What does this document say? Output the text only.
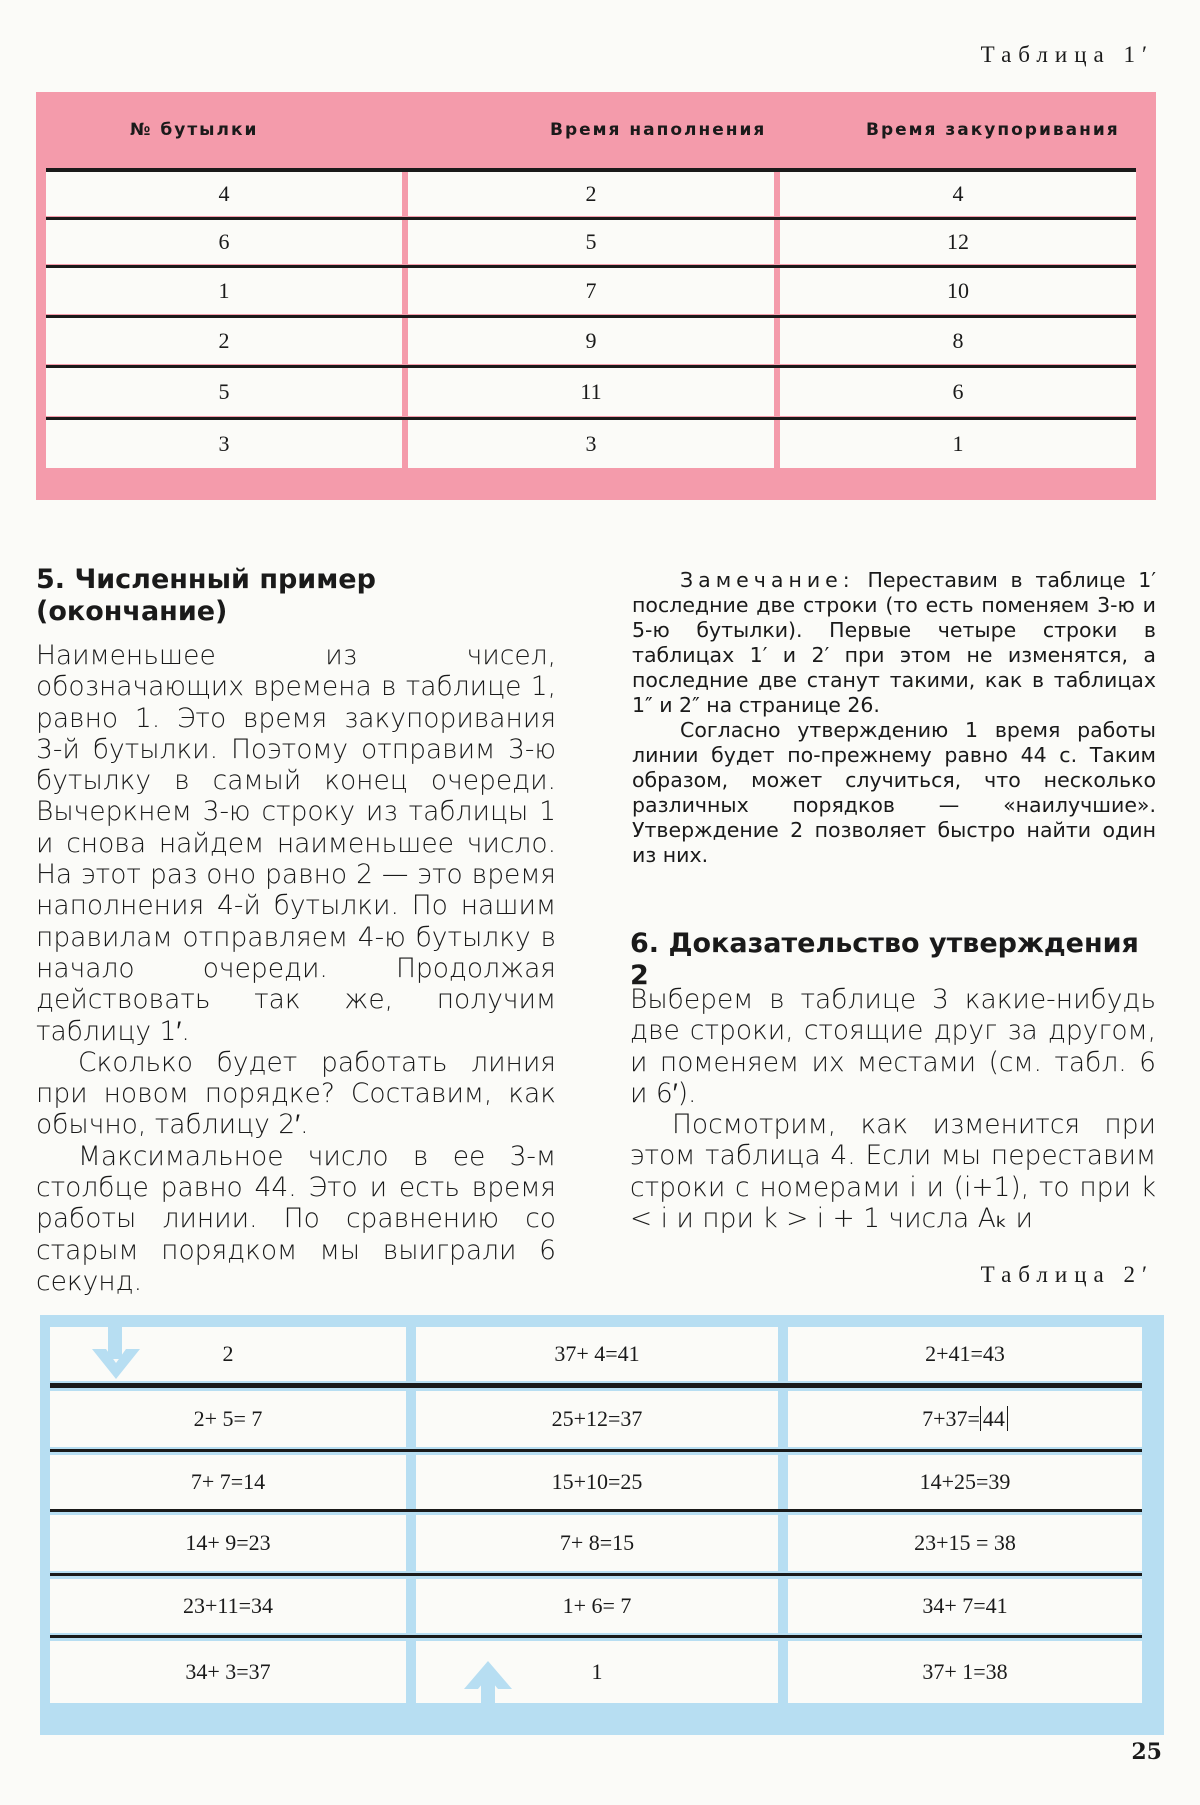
Таблица 1′
№ бутылки	Время наполнения	Время закупоривания
4	2	4
6	5	12
1	7	10
2	9	8
5	11	6
3	3	1
5. Численный пример (окончание)

Наименьшее из чисел, обозначающих времена в таблице 1, равно 1. Это время закупоривания 3-й бутылки. Поэтому отправим 3-ю бутылку в самый конец очереди. Вычеркнем 3-ю строку из таблицы 1 и снова найдем наименьшее число. На этот раз оно равно 2 — это время наполнения 4-й бутылки. По нашим правилам отправляем 4-ю бутылку в начало очереди. Продолжая действовать так же, получим таблицу 1′.

Сколько будет работать линия при новом порядке? Составим, как обычно, таблицу 2′.

Максимальное число в ее 3-м столбце равно 44. Это и есть время работы линии. По сравнению со старым порядком мы выиграли 6 секунд.

Замечание: Переставим в таблице 1′ последние две строки (то есть поменяем 3-ю и 5-ю бутылки). Первые четыре строки в таблицах 1′ и 2′ при этом не изменятся, а последние две станут такими, как в таблицах 1″ и 2″ на странице 26.

Согласно утверждению 1 время работы линии будет по-прежнему равно 44 с. Таким образом, может случиться, что несколько различных порядков — «наилучшие». Утверждение 2 позволяет быстро найти один из них.

6. Доказательство утверждения 2

Выберем в таблице 3 какие-нибудь две строки, стоящие друг за другом, и поменяем их местами (см. табл. 6 и 6′).

Посмотрим, как изменится при этом таблица 4. Если мы переставим строки с номерами i и (i+1), то при k < i и при k > i + 1 числа Aₖ и

Таблица 2′
2	37+ 4=41	2+41=43
2+ 5= 7	25+12=37	7+37= 44
7+ 7=14	15+10=25	14+25=39
14+ 9=23	7+ 8=15	23+15 = 38
23+11=34	1+ 6= 7	34+ 7=41
34+ 3=37	1	37+ 1=38
25
